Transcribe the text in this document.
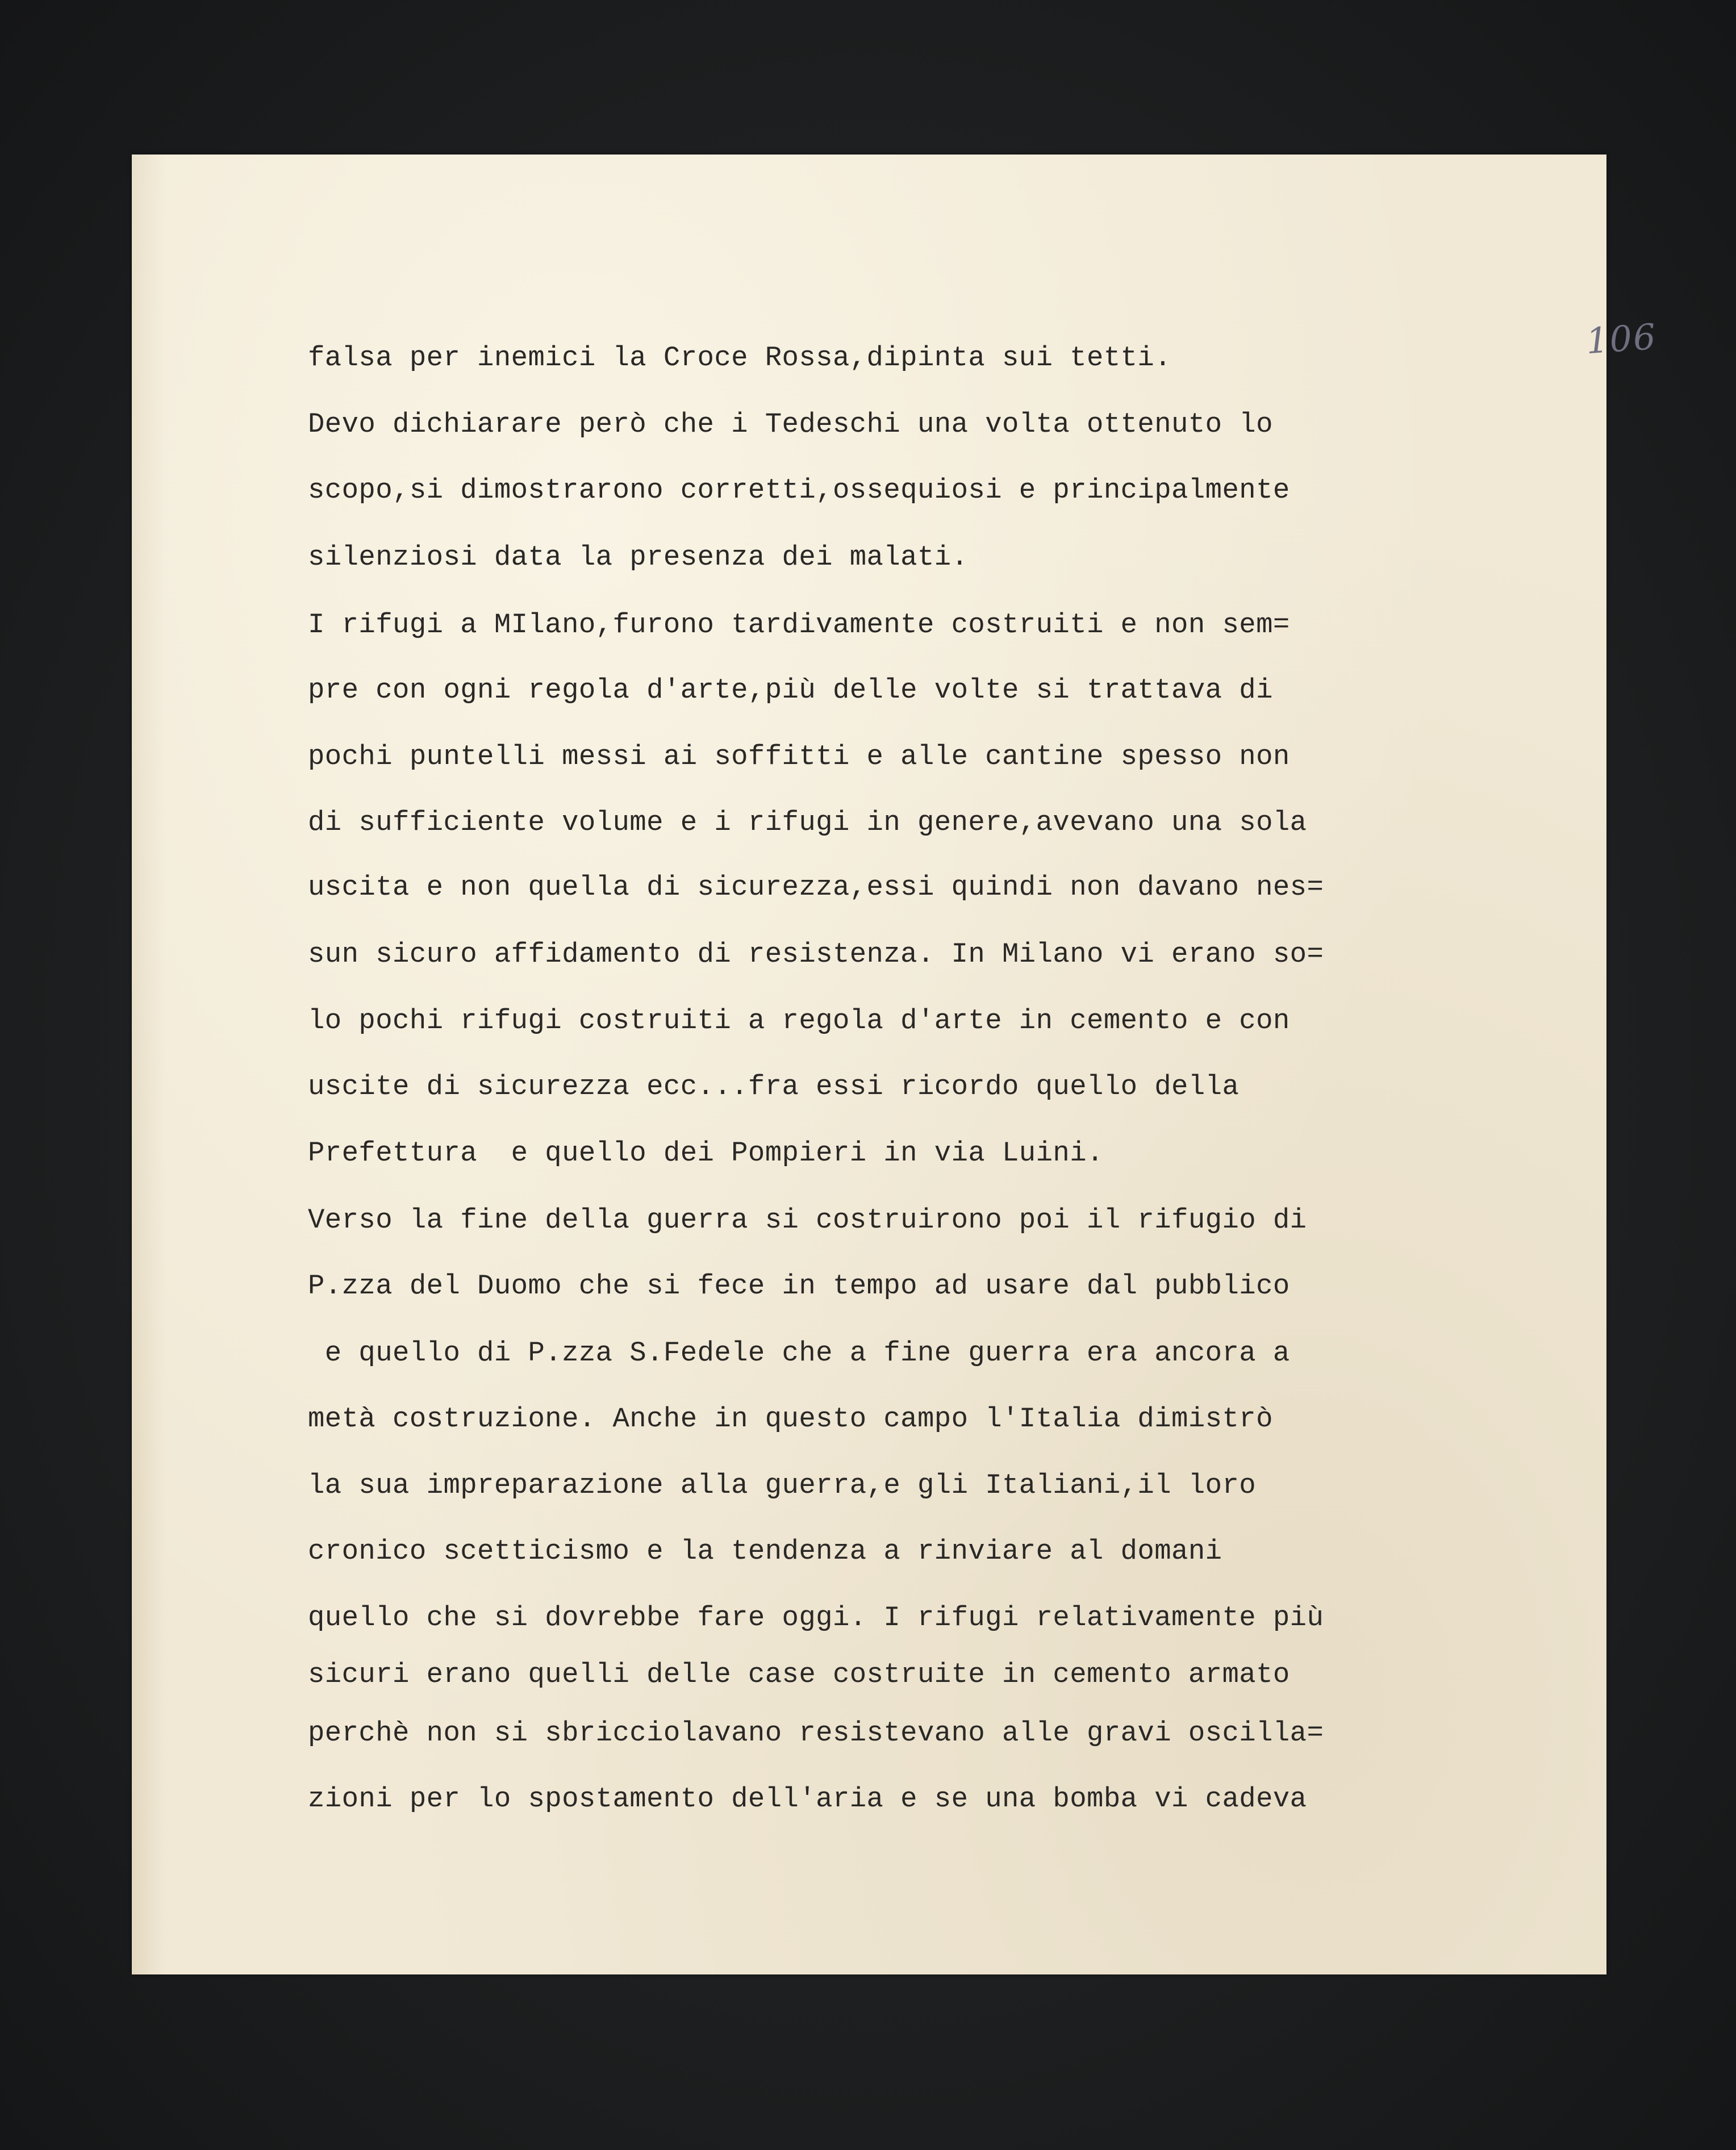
106
falsa per inemici la Croce Rossa,dipinta sui tetti.
Devo dichiarare però che i Tedeschi una volta ottenuto lo
scopo,si dimostrarono corretti,ossequiosi e principalmente
silenziosi data la presenza dei malati.
I rifugi a MIlano,furono tardivamente costruiti e non sem=
pre con ogni regola d'arte,più delle volte si trattava di
pochi puntelli messi ai soffitti e alle cantine spesso non
di sufficiente volume e i rifugi in genere,avevano una sola
uscita e non quella di sicurezza,essi quindi non davano nes=
sun sicuro affidamento di resistenza. In Milano vi erano so=
lo pochi rifugi costruiti a regola d'arte in cemento e con
uscite di sicurezza ecc...fra essi ricordo quello della
Prefettura  e quello dei Pompieri in via Luini.
Verso la fine della guerra si costruirono poi il rifugio di
P.zza del Duomo che si fece in tempo ad usare dal pubblico
e quello di P.zza S.Fedele che a fine guerra era ancora a
metà costruzione. Anche in questo campo l'Italia dimistrò
la sua impreparazione alla guerra,e gli Italiani,il loro
cronico scetticismo e la tendenza a rinviare al domani
quello che si dovrebbe fare oggi. I rifugi relativamente più
sicuri erano quelli delle case costruite in cemento armato
perchè non si sbricciolavano resistevano alle gravi oscilla=
zioni per lo spostamento dell'aria e se una bomba vi cadeva
